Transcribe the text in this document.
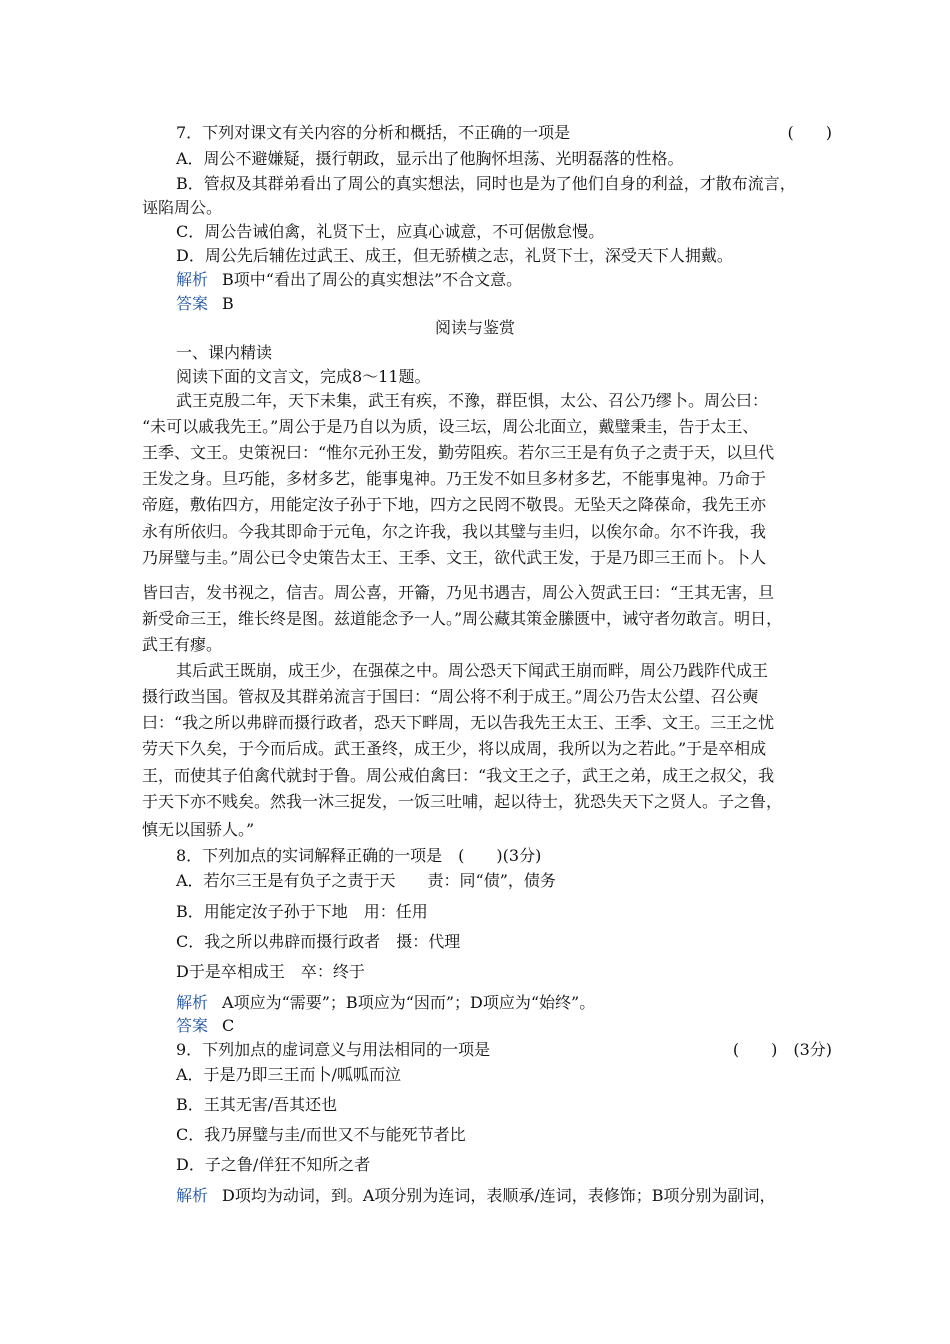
7．下列对课文有关内容的分析和概括，不正确的一项是	(　　)
A．周公不避嫌疑，摄行朝政，显示出了他胸怀坦荡、光明磊落的性格。
B．管叔及其群弟看出了周公的真实想法，同时也是为了他们自身的利益，才散布流言，
诬陷周公。
C．周公告诫伯禽，礼贤下士，应真心诚意，不可倨傲怠慢。
D．周公先后辅佐过武王、成王，但无骄横之志，礼贤下士，深受天下人拥戴。
解析 B项中“看出了周公的真实想法”不合文意。
答案 B
阅读与鉴赏
一、课内精读
阅读下面的文言文，完成8～11题。
武王克殷二年，天下未集，武王有疾，不豫，群臣惧，太公、召公乃缪卜。周公曰：
“未可以戚我先王。”周公于是乃自以为质，设三坛，周公北面立，戴璧秉圭，告于太王、
王季、文王。史策祝曰：“惟尔元孙王发，勤劳阻疾。若尔三王是有负子之责于天，以旦代
王发之身。旦巧能，多材多艺，能事鬼神。乃王发不如旦多材多艺，不能事鬼神。乃命于
帝庭，敷佑四方，用能定汝子孙于下地，四方之民罔不敬畏。无坠天之降葆命，我先王亦
永有所依归。今我其即命于元龟，尔之许我，我以其璧与圭归，以俟尔命。尔不许我，我
乃屏璧与圭。”周公已令史策告太王、王季、文王，欲代武王发，于是乃即三王而卜。卜人
皆曰吉，发书视之，信吉。周公喜，开籥，乃见书遇吉，周公入贺武王曰：“王其无害，旦
新受命三王，维长终是图。兹道能念予一人。”周公藏其策金縢匮中，诫守者勿敢言。明日，
武王有瘳。
其后武王既崩，成王少，在强葆之中。周公恐天下闻武王崩而畔，周公乃践阼代成王
摄行政当国。管叔及其群弟流言于国曰：“周公将不利于成王。”周公乃告太公望、召公奭
曰：“我之所以弗辟而摄行政者，恐天下畔周，无以告我先王太王、王季、文王。三王之忧
劳天下久矣，于今而后成。武王蚤终，成王少，将以成周，我所以为之若此。”于是卒相成
王，而使其子伯禽代就封于鲁。周公戒伯禽曰：“我文王之子，武王之弟，成王之叔父，我
于天下亦不贱矣。然我一沐三捉发，一饭三吐哺，起以待士，犹恐失天下之贤人。子之鲁，
慎无以国骄人。”
8．下列加点的实词解释正确的一项是　(　　)(3分)
A．若尔三王是有负子之责于天　　责：同“债”，债务
B．用能定汝子孙于下地　用：任用
C．我之所以弗辟而摄行政者　摄：代理
D于是卒相成王　卒：终于
解析 A项应为“需要”；B项应为“因而”；D项应为“始终”。
答案 C
9．下列加点的虚词意义与用法相同的一项是	(　　)　(3分)
A．于是乃即三王而卜/呱呱而泣
B．王其无害/吾其还也
C．我乃屏璧与圭/而世又不与能死节者比
D．子之鲁/佯狂不知所之者
解析 D项均为动词，到。A项分别为连词，表顺承/连词，表修饰；B项分别为副词，
